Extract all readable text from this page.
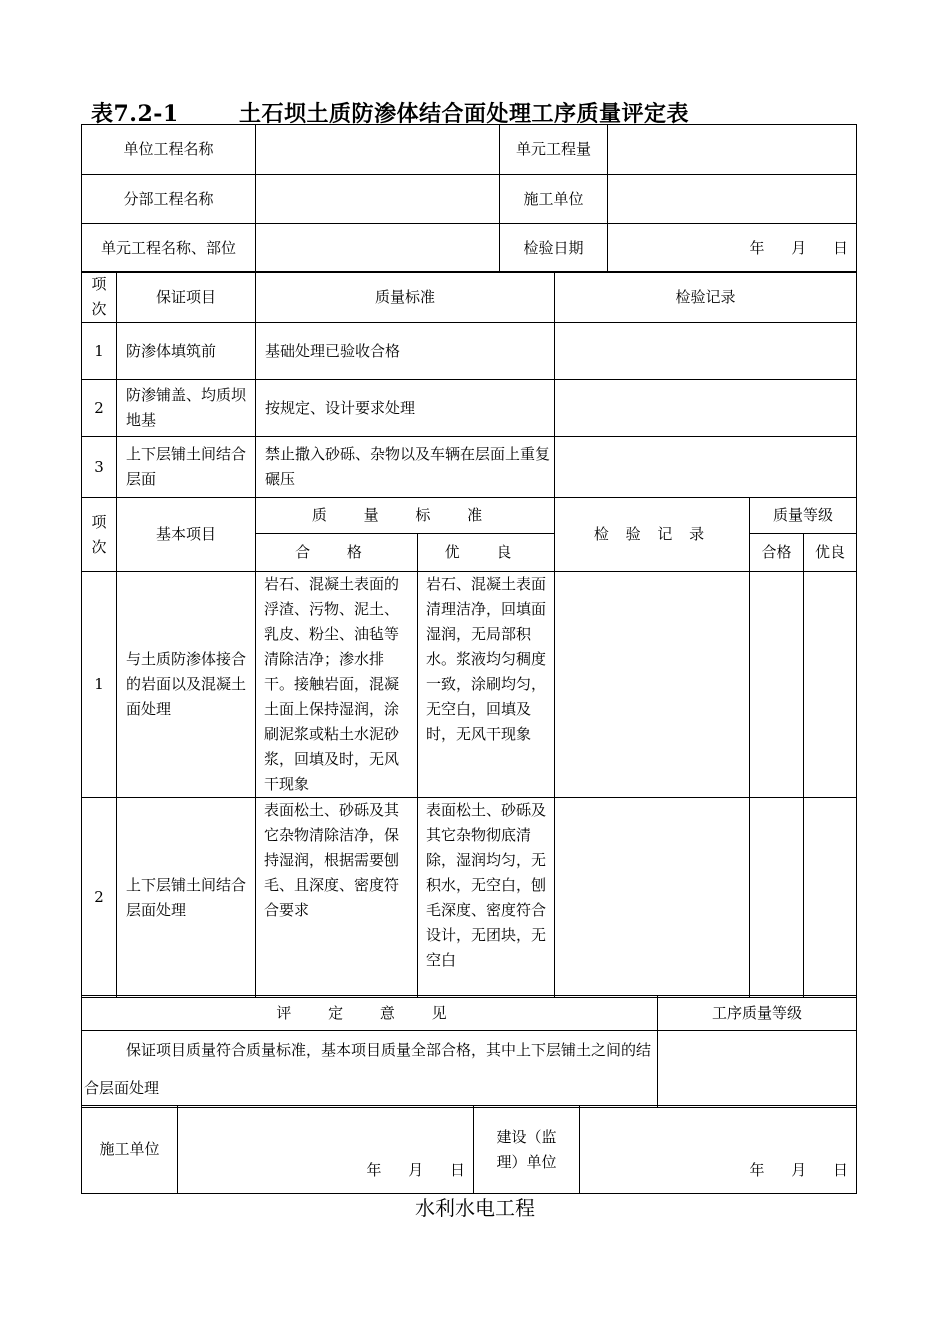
表7.2-1	土石坝土质防渗体结合面处理工序质量评定表
单位工程名称		单元工程量	
分部工程名称		施工单位	
单元工程名称、部位		检验日期	年 月 日
项次	保证项目	质量标准	检验记录
1	防渗体填筑前	基础处理已验收合格	
2	防渗铺盖、均质坝地基	按规定、设计要求处理	
3	上下层铺土间结合层面	禁止撒入砂砾、杂物以及车辆在层面上重复碾压	
项次	基本项目	质 量 标 准		检 验 记 录	质量等级	
		合 格	优 良		合格	优良
1	与土质防渗体接合的岩面以及混凝土面处理	岩石、混凝土表面的浮渣、污物、泥土、乳皮、粉尘、油毡等清除洁净；渗水排干。接触岩面，混凝土面上保持湿润，涂刷泥浆或粘土水泥砂浆，回填及时，无风干现象	岩石、混凝土表面清理洁净，回填面湿润，无局部积水。浆液均匀稠度一致，涂刷均匀，无空白，回填及时，无风干现象			
2	上下层铺土间结合层面处理	表面松土、砂砾及其它杂物清除洁净，保持湿润，根据需要刨毛、且深度、密度符合要求	表面松土、砂砾及其它杂物彻底清除，湿润均匀，无积水，无空白，刨毛深度、密度符合设计，无团块，无空白			
评 定 意 见	工序质量等级

保证项目质量符合质量标准，基本项目质量全部合格，其中上下层铺土之间的结合层面处理	

施工单位	年 月 日	建设（监理）单位	年 月 日
水利水电工程
